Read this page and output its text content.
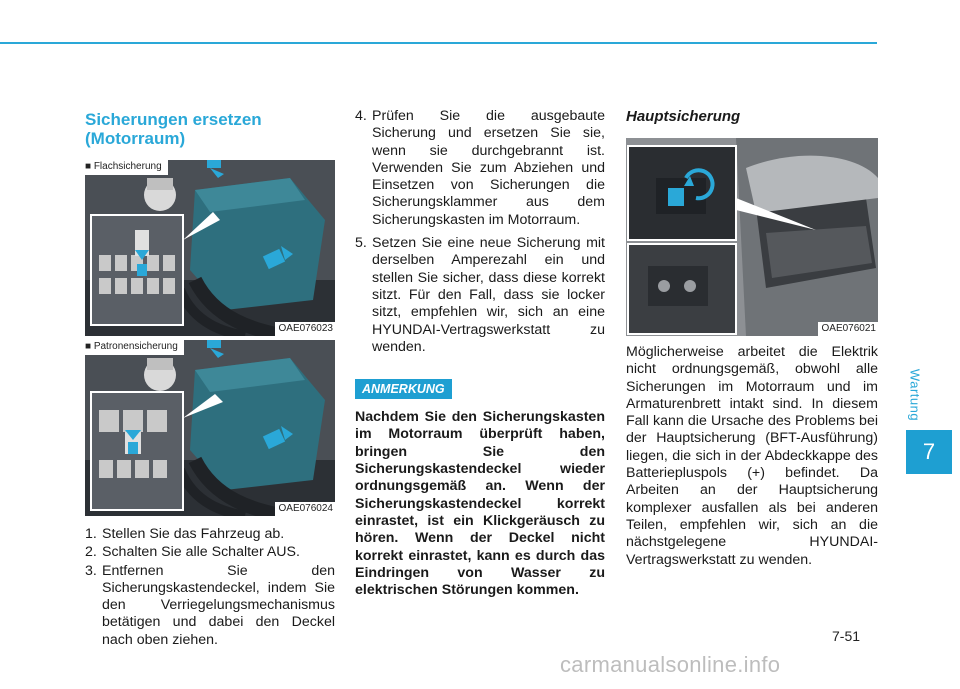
Wartung
7
Sicherungen ersetzen
(Motorraum)
■ Flachsicherung
OAE076023
■ Patronensicherung
OAE076024
1. Stellen Sie das Fahrzeug ab.
2. Schalten Sie alle Schalter AUS.
3. Entfernen Sie den Sicherungskastendeckel, indem Sie den Verriegelungsmechanismus betätigen und dabei den Deckel nach oben ziehen.
4. Prüfen Sie die ausgebaute Sicherung und ersetzen Sie sie, wenn sie durchgebrannt ist. Verwenden Sie zum Abziehen und Einsetzen von Sicherungen die Sicherungsklammer aus dem Sicherungskasten im Motorraum.
5. Setzen Sie eine neue Sicherung mit derselben Amperezahl ein und stellen Sie sicher, dass diese korrekt sitzt. Für den Fall, dass sie locker sitzt, empfehlen wir, sich an eine HYUNDAI-Vertragswerkstatt zu wenden.
ANMERKUNG
Nachdem Sie den Sicherungskasten im Motorraum überprüft haben, bringen Sie den Sicherungskastendeckel wieder ordnungsgemäß an. Wenn der Sicherungskastendeckel korrekt einrastet, ist ein Klickgeräusch zu hören. Wenn der Deckel nicht korrekt einrastet, kann es durch das Eindringen von Wasser zu elektrischen Störungen kommen.
Hauptsicherung
OAE076021
Möglicherweise arbeitet die Elektrik nicht ordnungsgemäß, obwohl alle Sicherungen im Motorraum und im Armaturenbrett intakt sind. In diesem Fall kann die Ursache des Problems bei der Hauptsicherung (BFT-Ausführung) liegen, die sich in der Abdeckkappe des Batteriepluspols (+) befindet. Da Arbeiten an der Hauptsicherung komplexer ausfallen als bei anderen Teilen, empfehlen wir, sich an die nächstgelegene HYUNDAI-Vertragswerkstatt zu wenden.
7-51
carmanualsonline.info
